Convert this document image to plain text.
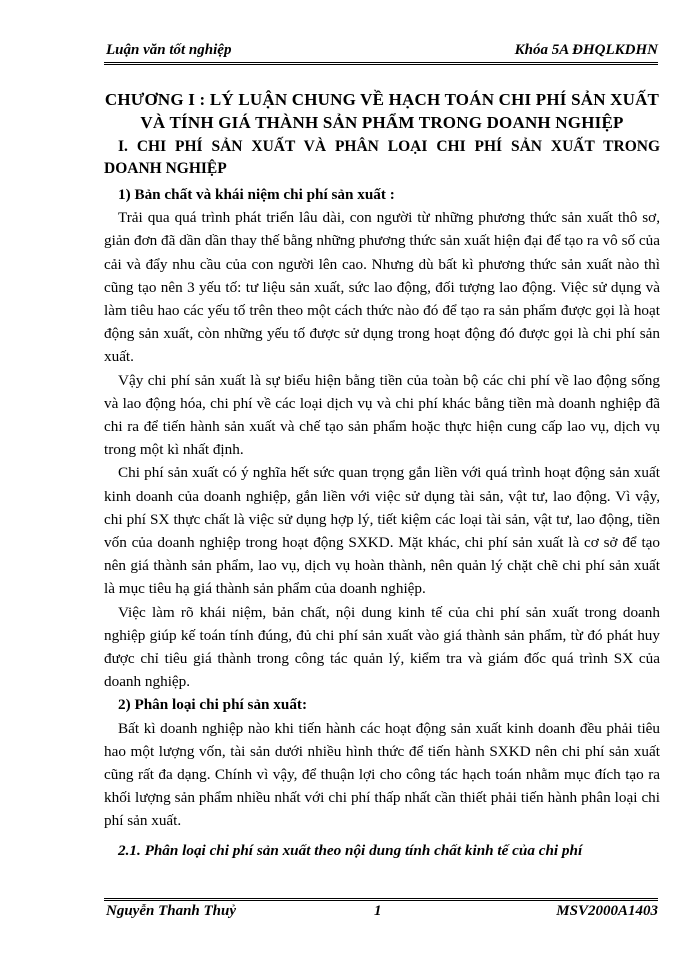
Luận văn tốt nghiệp	Khóa 5A ĐHQLKDHN
CHƯƠNG I : LÝ LUẬN CHUNG VỀ HẠCH TOÁN CHI PHÍ SẢN XUẤT VÀ TÍNH GIÁ THÀNH SẢN PHẨM TRONG DOANH NGHIỆP
I. CHI PHÍ SẢN XUẤT VÀ PHÂN LOẠI CHI PHÍ SẢN XUẤT TRONG DOANH NGHIỆP
1) Bản chất và khái niệm chi phí sản xuất :

Trải qua quá trình phát triển lâu dài, con người từ những phương thức sản xuất thô sơ, giản đơn đã dần dần thay thế bằng những phương thức sản xuất hiện đại để tạo ra vô số của cải và đẩy nhu cầu của con người lên cao. Nhưng dù bất kì phương thức sản xuất nào thì cũng tạo nên 3 yếu tố: tư liệu sản xuất, sức lao động, đối tượng lao động. Việc sử dụng và làm tiêu hao các yếu tố trên theo một cách thức nào đó để tạo ra sản phẩm được gọi là hoạt động sản xuất, còn những yếu tố được sử dụng trong hoạt động đó được gọi là chi phí sản xuất.

Vậy chi phí sản xuất là sự biểu hiện bằng tiền của toàn bộ các chi phí về lao động sống và lao động hóa, chi phí về các loại dịch vụ và chi phí khác bằng tiền mà doanh nghiệp đã chi ra để tiến hành sản xuất và chế tạo sản phẩm hoặc thực hiện cung cấp lao vụ, dịch vụ trong một kì nhất định.

Chi phí sản xuất có ý nghĩa hết sức quan trọng gắn liền với quá trình hoạt động sản xuất kinh doanh của doanh nghiệp, gắn liền với việc sử dụng tài sản, vật tư, lao động. Vì vậy, chi phí SX thực chất là việc sử dụng hợp lý, tiết kiệm các loại tài sản, vật tư, lao động, tiền vốn của doanh nghiệp trong hoạt động SXKD. Mặt khác, chi phí sản xuất là cơ sở để tạo nên giá thành sản phẩm, lao vụ, dịch vụ hoàn thành, nên quản lý chặt chẽ chi phí sản xuất là mục tiêu hạ giá thành sản phẩm của doanh nghiệp.

Việc làm rõ khái niệm, bản chất, nội dung kinh tế của chi phí sản xuất trong doanh nghiệp giúp kế toán tính đúng, đủ chi phí sản xuất vào giá thành sản phẩm, từ đó phát huy được chỉ tiêu giá thành trong công tác quản lý, kiểm tra và giám đốc quá trình SX của doanh nghiệp.

2) Phân loại chi phí sản xuất:

Bất kì doanh nghiệp nào khi tiến hành các hoạt động sản xuất kinh doanh đều phải tiêu hao một lượng vốn, tài sản dưới nhiều hình thức để tiến hành SXKD nên chi phí sản xuất cũng rất đa dạng. Chính vì vậy, để thuận lợi cho công tác hạch toán nhằm mục đích tạo ra khối lượng sản phẩm nhiều nhất với chi phí thấp nhất cần thiết phải tiến hành phân loại chi phí sản xuất.

2.1. Phân loại chi phí sản xuất theo nội dung tính chất kinh tế của chi phí
Nguyễn Thanh Thuỷ	1	MSV2000A1403
